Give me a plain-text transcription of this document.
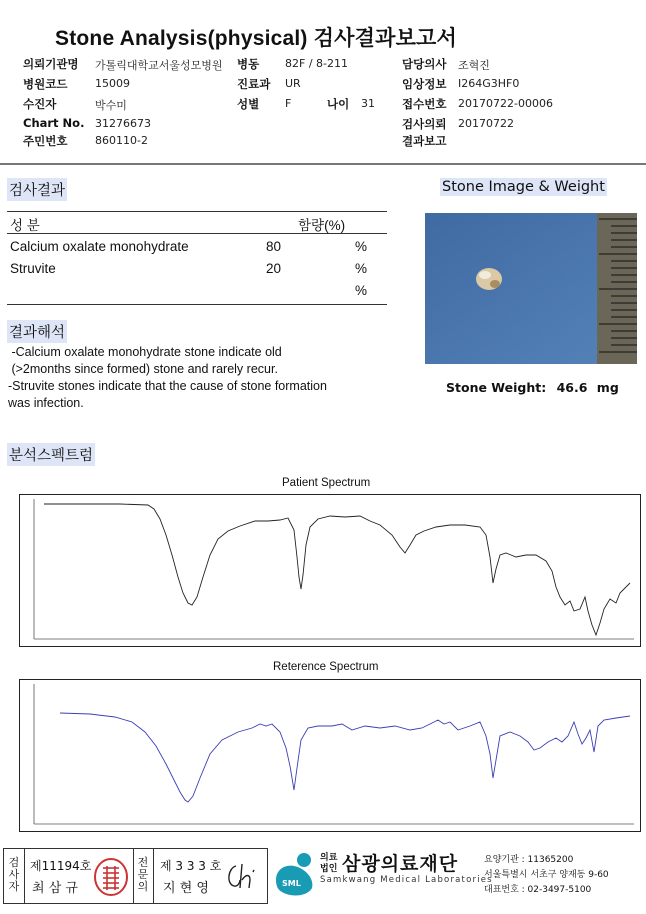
Stone Analysis(physical) 검사결과보고서
의뢰기관명 가톨릭대학교서울성모병원 병동 82F / 8-211	담당의사 조혁진
병원코드	15009	진료과 UR	임상정보 I264G3HF0
수진자	박수미	성별 F	나이 31 접수번호 20170722-00006
Chart No. 31276673	검사의뢰 20170722
주민번호	860110-2	결과보고
검사결과
성 분	함량(%)
Calcium oxalate monohydrate	80	%
Struvite	20	%
%
결과해석
-Calcium oxalate monohydrate stone indicate old
(>2months since formed) stone and rarely recur.
-Struvite stones indicate that the cause of stone formation
was infection.
Stone Image & Weight
Stone Weight: 46.6 mg
분석스펙트럼
Patient Spectrum
Reterence Spectrum
검사자
제11194호
최 삼 규
전문의
제 3 3 3 호
지 현 영	SML
의료
법인 삼광의료재단
Samkwang Medical Laboratories
요양기관 : 11365200
서울특별시 서초구 양재동 9-60
대표번호 : 02-3497-5100
